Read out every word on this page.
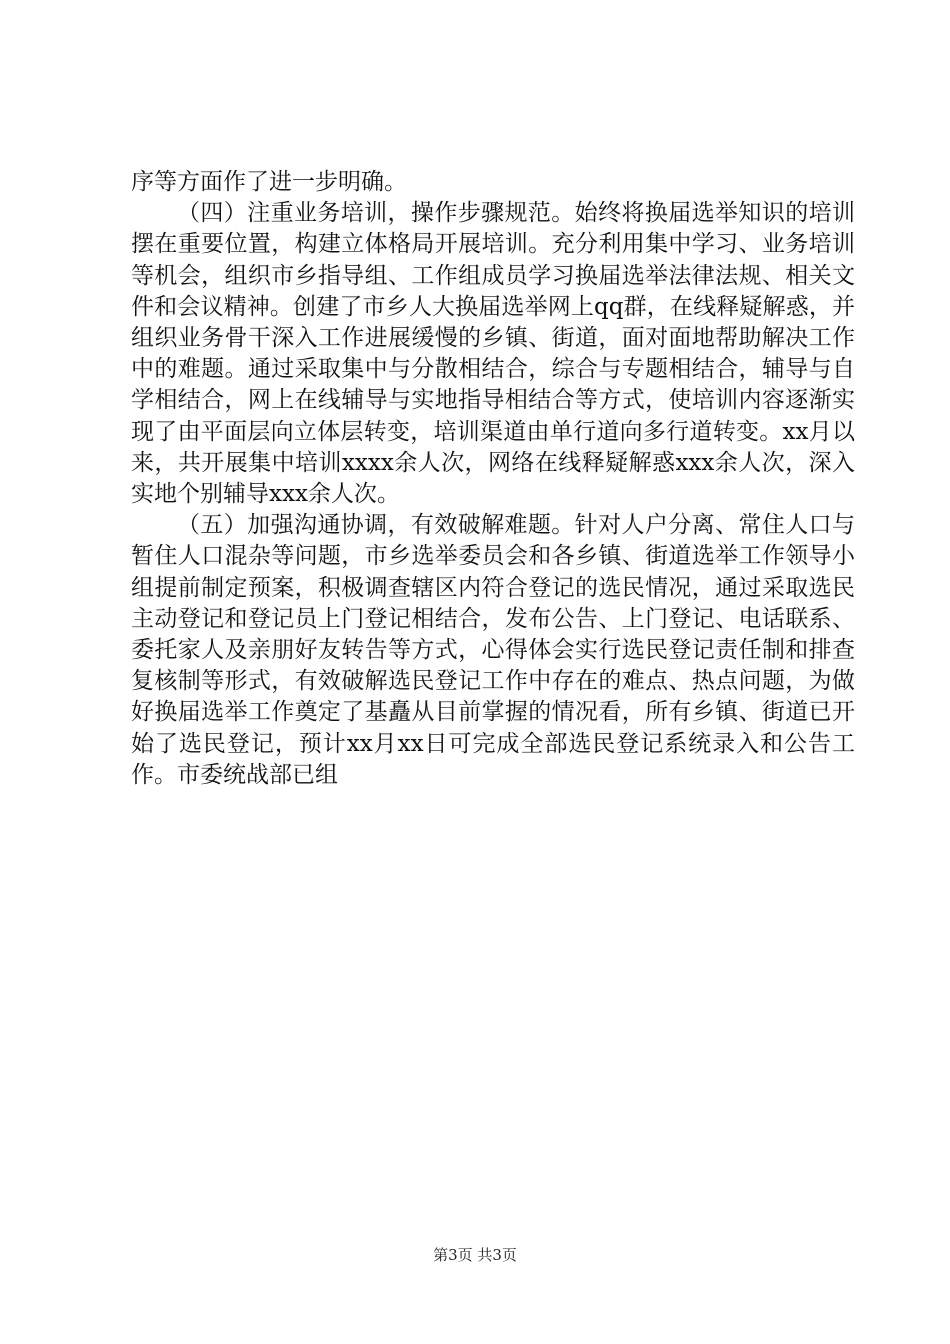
序等方面作了进一步明确。

（四）注重业务培训，操作步骤规范。始终将换届选举知识的培训摆在重要位置，构建立体格局开展培训。充分利用集中学习、业务培训等机会，组织市乡指导组、工作组成员学习换届选举法律法规、相关文件和会议精神。创建了市乡人大换届选举网上qq群，在线释疑解惑，并组织业务骨干深入工作进展缓慢的乡镇、街道，面对面地帮助解决工作中的难题。通过采取集中与分散相结合，综合与专题相结合，辅导与自学相结合，网上在线辅导与实地指导相结合等方式，使培训内容逐渐实现了由平面层向立体层转变，培训渠道由单行道向多行道转变。xx月以来，共开展集中培训xxxx余人次，网络在线释疑解惑xxx余人次，深入实地个别辅导xxx余人次。

（五）加强沟通协调，有效破解难题。针对人户分离、常住人口与暂住人口混杂等问题，市乡选举委员会和各乡镇、街道选举工作领导小组提前制定预案，积极调查辖区内符合登记的选民情况，通过采取选民主动登记和登记员上门登记相结合，发布公告、上门登记、电话联系、委托家人及亲朋好友转告等方式，心得体会实行选民登记责任制和排查复核制等形式，有效破解选民登记工作中存在的难点、热点问题，为做好换届选举工作奠定了基矗从目前掌握的情况看，所有乡镇、街道已开始了选民登记，预计xx月xx日可完成全部选民登记系统录入和公告工作。市委统战部已组

第3页 共3页
